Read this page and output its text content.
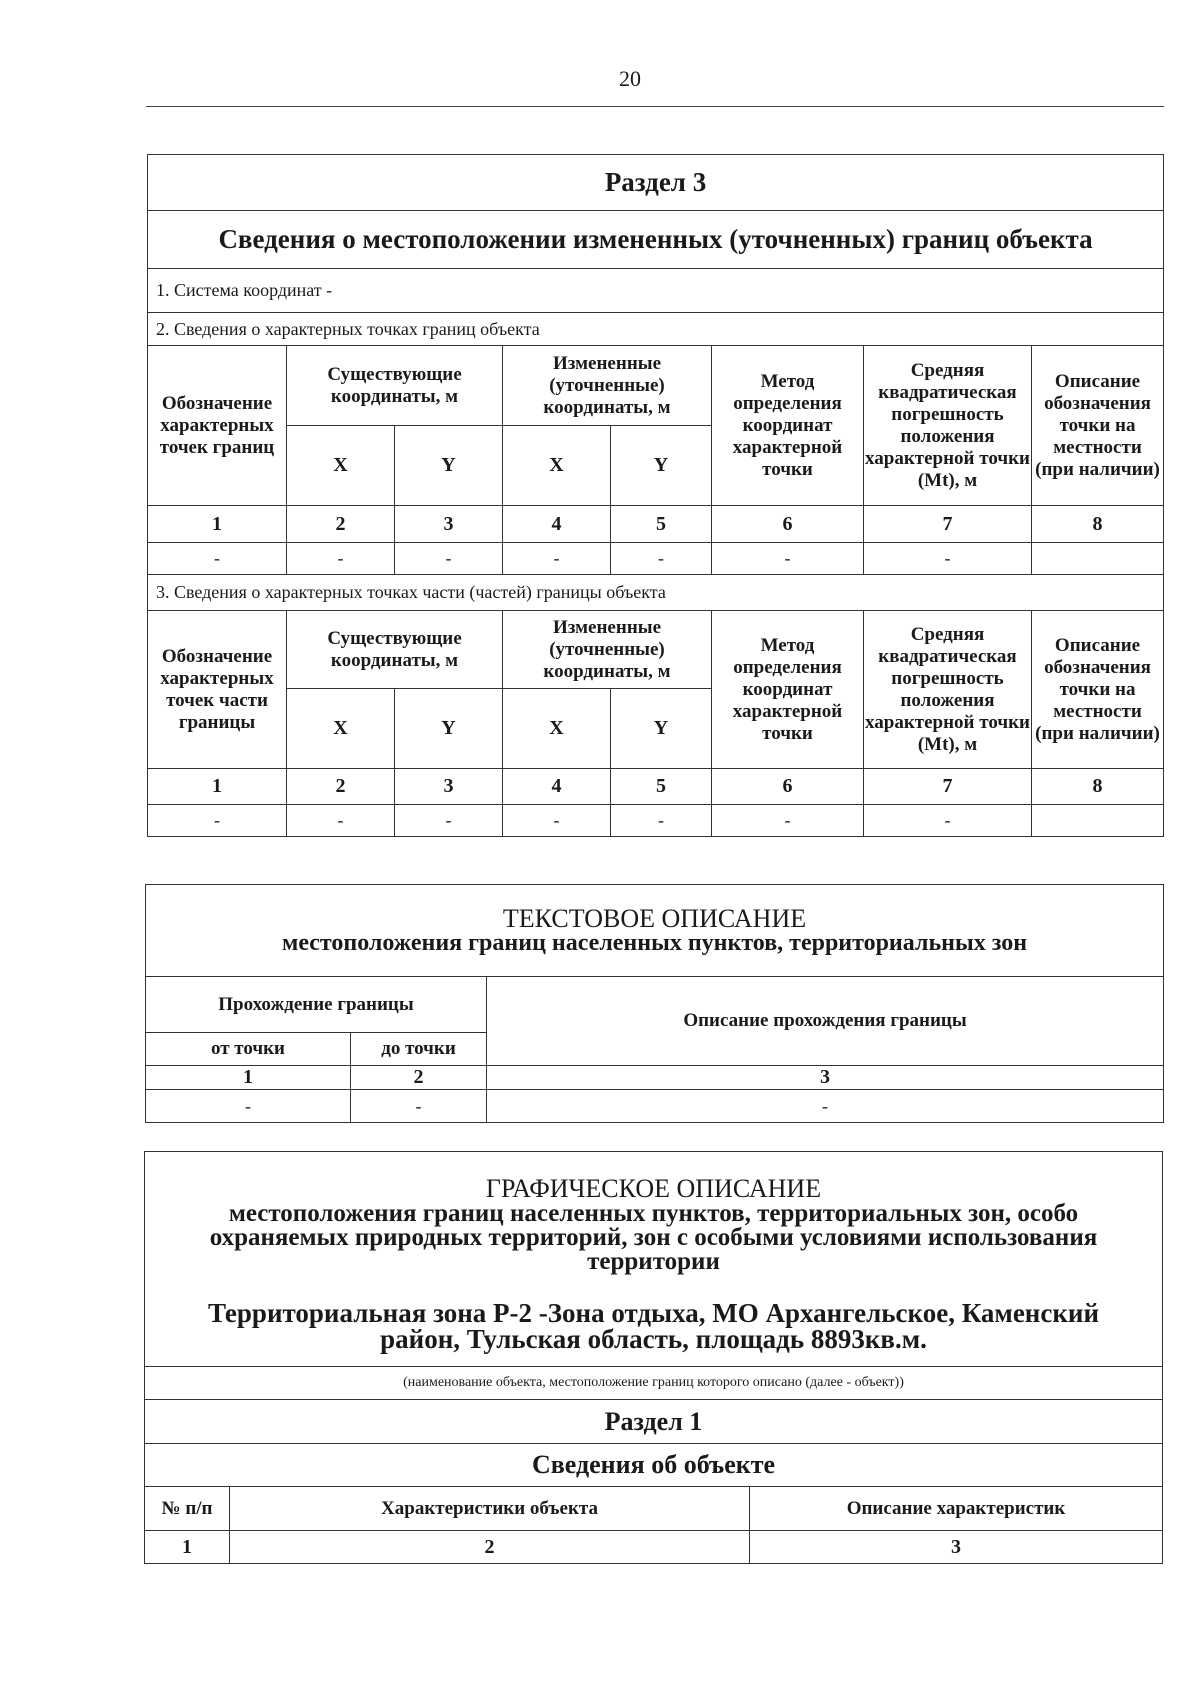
20
Раздел 3							
Сведения о местоположении измененных (уточненных) границ объекта							
1. Система координат -							
2. Сведения о характерных точках границ объекта							
Обозначение характерных точек границ	Существующие координаты, м		Измененные (уточненные) координаты, м		Метод определения координат характерной точки	Средняя квадратическая погрешность положения характерной точки (Mt), м	Описание обозначения точки на местности (при наличии)
	X	Y	X	Y			
1	2	3	4	5	6	7	8
-	-	-	-	-	-	-	
3. Сведения о характерных точках части (частей) границы объекта							
Обозначение характерных точек части границы	Существующие координаты, м		Измененные (уточненные) координаты, м		Метод определения координат характерной точки	Средняя квадратическая погрешность положения характерной точки (Mt), м	Описание обозначения точки на местности (при наличии)
	X	Y	X	Y			
1	2	3	4	5	6	7	8
-	-	-	-	-	-	-	
ТЕКСТОВОЕ ОПИСАНИЕ
местоположения границ населенных пунктов, территориальных зон		

Прохождение границы		Описание прохождения границы
от точки	до точки	
1	2	3
-	-	-
ГРАФИЧЕСКОЕ ОПИСАНИЕ
местоположения границ населенных пунктов, территориальных зон, особо
охраняемых природных территорий, зон с особыми условиями использования
территории
Территориальная зона Р-2 -Зона отдыха, МО Архангельское, Каменский
район, Тульская область, площадь 8893кв.м.

(наименование объекта, местоположение границ которого описано (далее - объект))		
Раздел 1		
Сведения об объекте		
№ п/п	Характеристики объекта	Описание характеристик
1	2	3
